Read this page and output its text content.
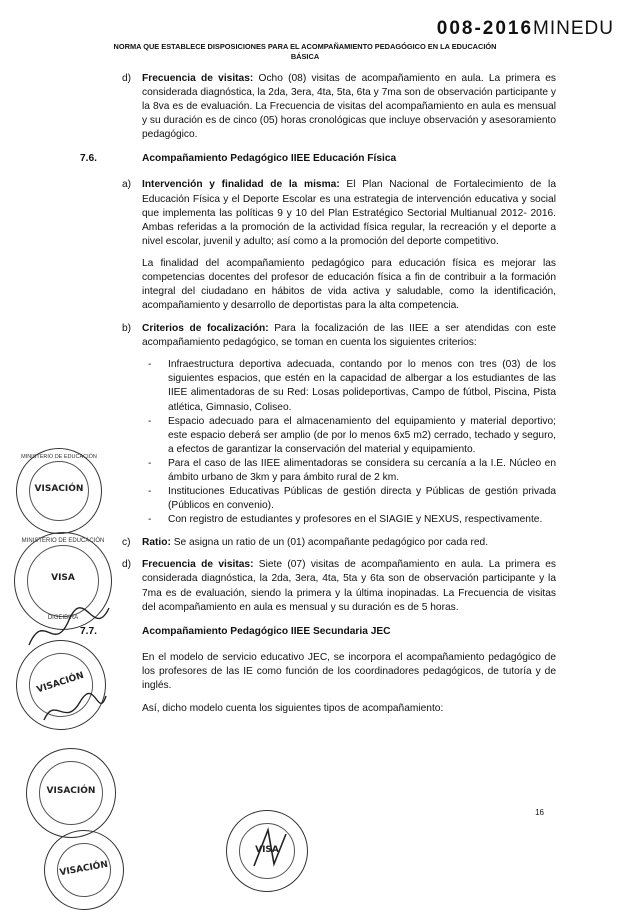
008-2016MINEDU
NORMA QUE ESTABLECE DISPOSICIONES PARA EL ACOMPAÑAMIENTO PEDAGÓGICO EN LA EDUCACIÓN
BÁSICA
d) Frecuencia de visitas: Ocho (08) visitas de acompañamiento en aula. La primera es considerada diagnóstica, la 2da, 3era, 4ta, 5ta, 6ta y 7ma son de observación participante y la 8va es de evaluación. La Frecuencia de visitas del acompañamiento en aula es mensual y su duración es de cinco (05) horas cronológicas que incluye observación y asesoramiento pedagógico.
7.6.	Acompañamiento Pedagógico IIEE Educación Física
a) Intervención y finalidad de la misma: El Plan Nacional de Fortalecimiento de la Educación Física y el Deporte Escolar es una estrategia de intervención educativa y social que implementa las políticas 9 y 10 del Plan Estratégico Sectorial Multianual 2012- 2016. Ambas referidas a la promoción de la actividad física regular, la recreación y el deporte a nivel escolar, juvenil y adulto; así como a la promoción del deporte competitivo.
La finalidad del acompañamiento pedagógico para educación física es mejorar las competencias docentes del profesor de educación física a fin de contribuir a la formación integral del ciudadano en hábitos de vida activa y saludable, como la identificación, acompañamiento y desarrollo de deportistas para la alta competencia.
b) Criterios de focalización: Para la focalización de las IIEE a ser atendidas con este acompañamiento pedagógico, se toman en cuenta los siguientes criterios:
- Infraestructura deportiva adecuada, contando por lo menos con tres (03) de los siguientes espacios, que estén en la capacidad de albergar a los estudiantes de las IIEE alimentadoras de su Red: Losas polideportivas, Campo de fútbol, Piscina, Pista atlética, Gimnasio, Coliseo.
- Espacio adecuado para el almacenamiento del equipamiento y material deportivo; este espacio deberá ser amplio (de por lo menos 6x5 m2) cerrado, techado y seguro, a efectos de garantizar la conservación del material y equipamiento.
- Para el caso de las IIEE alimentadoras se considera su cercanía a la I.E. Núcleo en ámbito urbano de 3km y para ámbito rural de 2 km.
- Instituciones Educativas Públicas de gestión directa y Públicas de gestión privada (Públicos en convenio).
- Con registro de estudiantes y profesores en el SIAGIE y NEXUS, respectivamente.
c) Ratio: Se asigna un ratio de un (01) acompañante pedagógico por cada red.
d) Frecuencia de visitas: Siete (07) visitas de acompañamiento en aula. La primera es considerada diagnóstica, la 2da, 3era, 4ta, 5ta y 6ta son de observación participante y la 7ma es de evaluación, siendo la primera y la última inopinadas. La Frecuencia de visitas del acompañamiento en aula es mensual y su duración es de 5 horas.
7.7.	Acompañamiento Pedagógico IIEE Secundaria JEC
En el modelo de servicio educativo JEC, se incorpora el acompañamiento pedagógico de los profesores de las IE como función de los coordinadores pedagógicos, de tutoría y de inglés.
Así, dicho modelo cuenta los siguientes tipos de acompañamiento:
16
MINISTERIO DE EDUCACIÓN
VISACIÓN
MINISTERIO DE EDUCACIÓN
VISA
DIGEIBIRA
VISACIÓN
VISACIÓN
VISACIÓN
VISA
